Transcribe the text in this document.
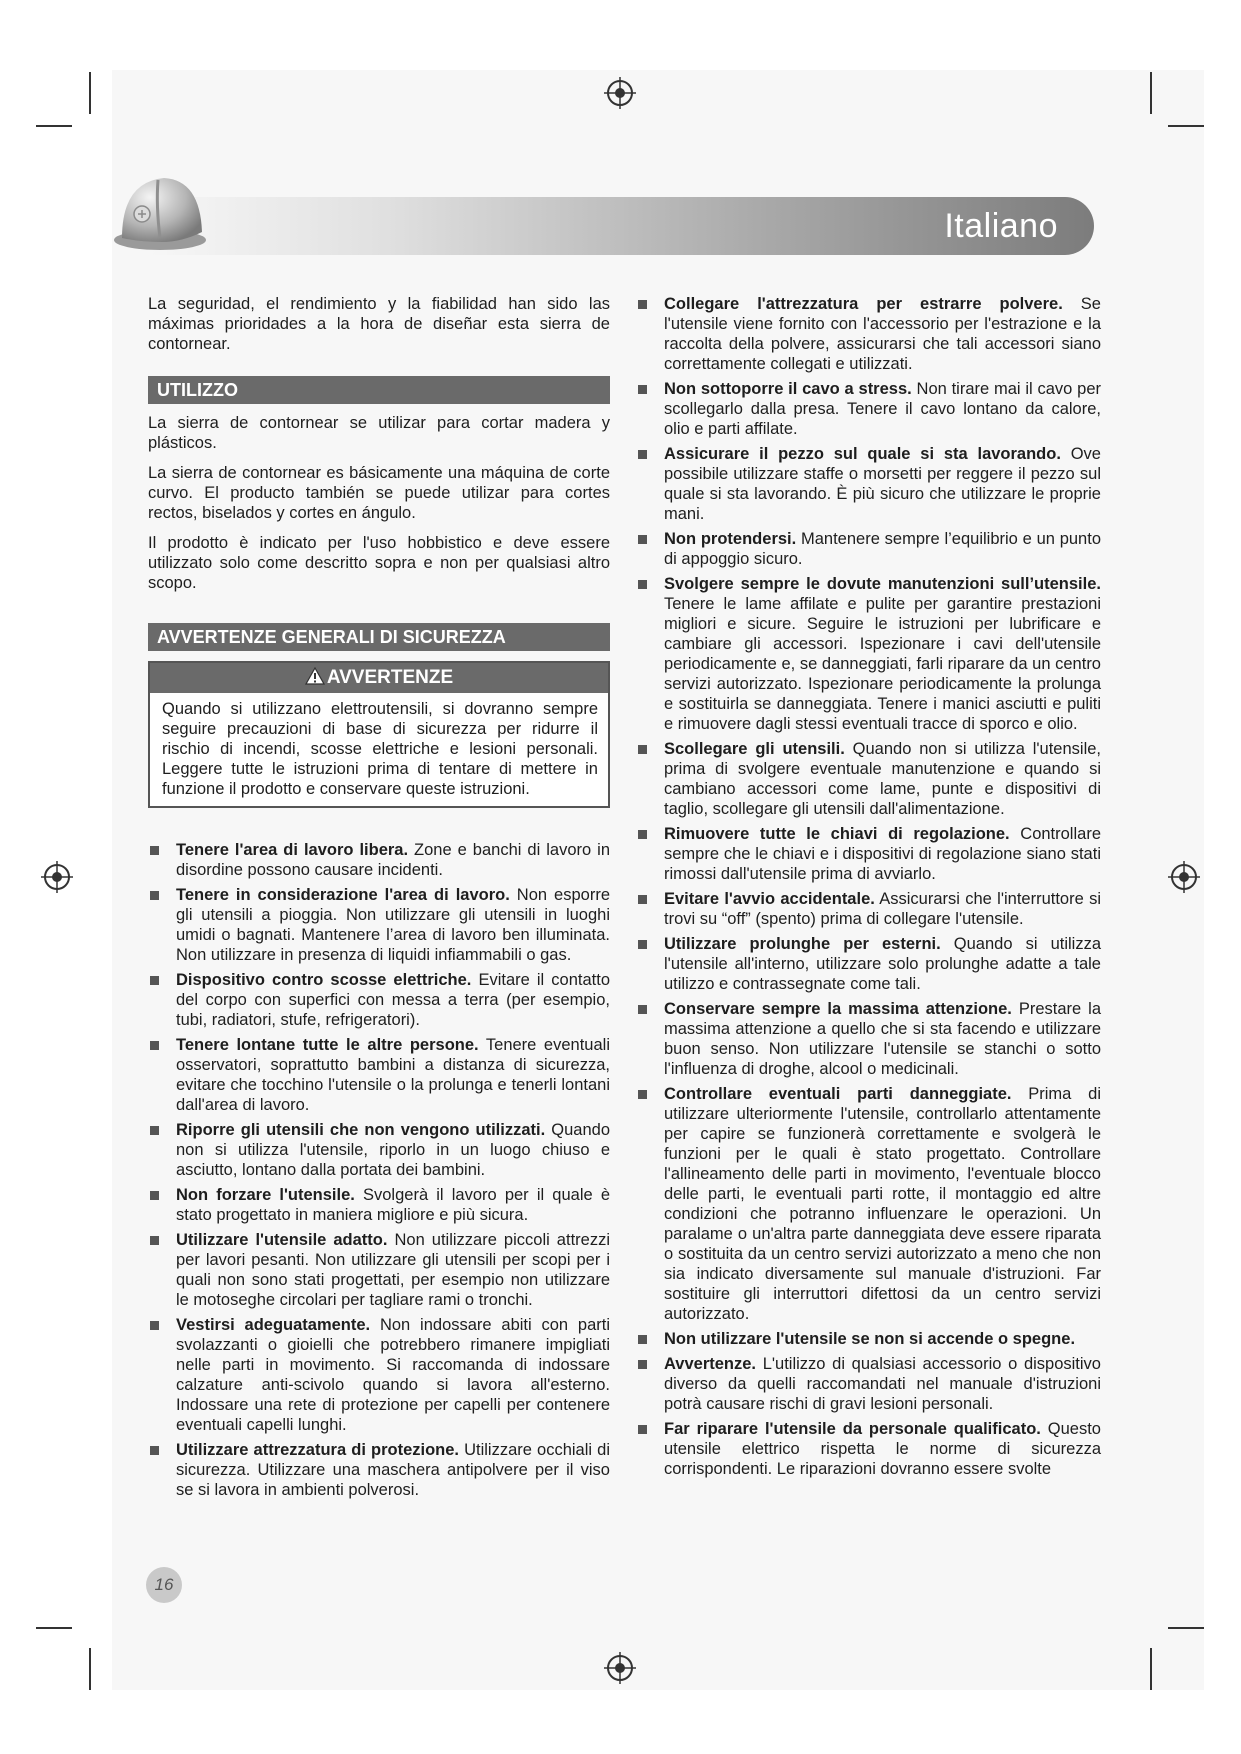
Italiano

La seguridad, el rendimiento y la fiabilidad han sido las máximas prioridades a la hora de diseñar esta sierra de contornear.

UTILIZZO

La sierra de contornear se utilizar para cortar madera y plásticos.

La sierra de contornear es básicamente una máquina de corte curvo. El producto también se puede utilizar para cortes rectos, biselados y cortes en ángulo.

Il prodotto è indicato per l'uso hobbistico e deve essere utilizzato solo come descritto sopra e non per qualsiasi altro scopo.

AVVERTENZE GENERALI DI SICUREZZA
AVVERTENZE
Quando si utilizzano elettroutensili, si dovranno sempre seguire precauzioni di base di sicurezza per ridurre il rischio di incendi, scosse elettriche e lesioni personali. Leggere tutte le istruzioni prima di tentare di mettere in funzione il prodotto e conservare queste istruzioni.
Tenere l'area di lavoro libera. Zone e banchi di lavoro in disordine possono causare incidenti.
Tenere in considerazione l'area di lavoro. Non esporre gli utensili a pioggia. Non utilizzare gli utensili in luoghi umidi o bagnati. Mantenere l’area di lavoro ben illuminata. Non utilizzare in presenza di liquidi infiammabili o gas.
Dispositivo contro scosse elettriche. Evitare il contatto del corpo con superfici con messa a terra (per esempio, tubi, radiatori, stufe, refrigeratori).
Tenere lontane tutte le altre persone. Tenere eventuali osservatori, soprattutto bambini a distanza di sicurezza, evitare che tocchino l'utensile o la prolunga e tenerli lontani dall'area di lavoro.
Riporre gli utensili che non vengono utilizzati. Quando non si utilizza l'utensile, riporlo in un luogo chiuso e asciutto, lontano dalla portata dei bambini.
Non forzare l'utensile. Svolgerà il lavoro per il quale è stato progettato in maniera migliore e più sicura.
Utilizzare l'utensile adatto. Non utilizzare piccoli attrezzi per lavori pesanti. Non utilizzare gli utensili per scopi per i quali non sono stati progettati, per esempio non utilizzare le motoseghe circolari per tagliare rami o tronchi.
Vestirsi adeguatamente. Non indossare abiti con parti svolazzanti o gioielli che potrebbero rimanere impigliati nelle parti in movimento. Si raccomanda di indossare calzature anti-scivolo quando si lavora all'esterno. Indossare una rete di protezione per capelli per contenere eventuali capelli lunghi.
Utilizzare attrezzatura di protezione. Utilizzare occhiali di sicurezza. Utilizzare una maschera antipolvere per il viso se si lavora in ambienti polverosi.
Collegare l'attrezzatura per estrarre polvere. Se l'utensile viene fornito con l'accessorio per l'estrazione e la raccolta della polvere, assicurarsi che tali accessori siano correttamente collegati e utilizzati.
Non sottoporre il cavo a stress. Non tirare mai il cavo per scollegarlo dalla presa. Tenere il cavo lontano da calore, olio e parti affilate.
Assicurare il pezzo sul quale si sta lavorando. Ove possibile utilizzare staffe o morsetti per reggere il pezzo sul quale si sta lavorando. È più sicuro che utilizzare le proprie mani.
Non protendersi. Mantenere sempre l’equilibrio e un punto di appoggio sicuro.
Svolgere sempre le dovute manutenzioni sull’utensile. Tenere le lame affilate e pulite per garantire prestazioni migliori e sicure. Seguire le istruzioni per lubrificare e cambiare gli accessori. Ispezionare i cavi dell'utensile periodicamente e, se danneggiati, farli riparare da un centro servizi autorizzato. Ispezionare periodicamente la prolunga e sostituirla se danneggiata. Tenere i manici asciutti e puliti e rimuovere dagli stessi eventuali tracce di sporco e olio.
Scollegare gli utensili. Quando non si utilizza l'utensile, prima di svolgere eventuale manutenzione e quando si cambiano accessori come lame, punte e dispositivi di taglio, scollegare gli utensili dall'alimentazione.
Rimuovere tutte le chiavi di regolazione. Controllare sempre che le chiavi e i dispositivi di regolazione siano stati rimossi dall'utensile prima di avviarlo.
Evitare l'avvio accidentale. Assicurarsi che l'interruttore si trovi su “off” (spento) prima di collegare l'utensile.
Utilizzare prolunghe per esterni. Quando si utilizza l'utensile all'interno, utilizzare solo prolunghe adatte a tale utilizzo e contrassegnate come tali.
Conservare sempre la massima attenzione. Prestare la massima attenzione a quello che si sta facendo e utilizzare buon senso. Non utilizzare l'utensile se stanchi o sotto l'influenza di droghe, alcool o medicinali.
Controllare eventuali parti danneggiate. Prima di utilizzare ulteriormente l'utensile, controllarlo attentamente per capire se funzionerà correttamente e svolgerà le funzioni per le quali è stato progettato. Controllare l'allineamento delle parti in movimento, l'eventuale blocco delle parti, le eventuali parti rotte, il montaggio ed altre condizioni che potranno influenzare le operazioni. Un paralame o un'altra parte danneggiata deve essere riparata o sostituita da un centro servizi autorizzato a meno che non sia indicato diversamente sul manuale d'istruzioni. Far sostituire gli interruttori difettosi da un centro servizi autorizzato.
Non utilizzare l'utensile se non si accende o spegne.
Avvertenze. L'utilizzo di qualsiasi accessorio o dispositivo diverso da quelli raccomandati nel manuale d'istruzioni potrà causare rischi di gravi lesioni personali.
Far riparare l'utensile da personale qualificato. Questo utensile elettrico rispetta le norme di sicurezza corrispondenti. Le riparazioni dovranno essere svolte
16
